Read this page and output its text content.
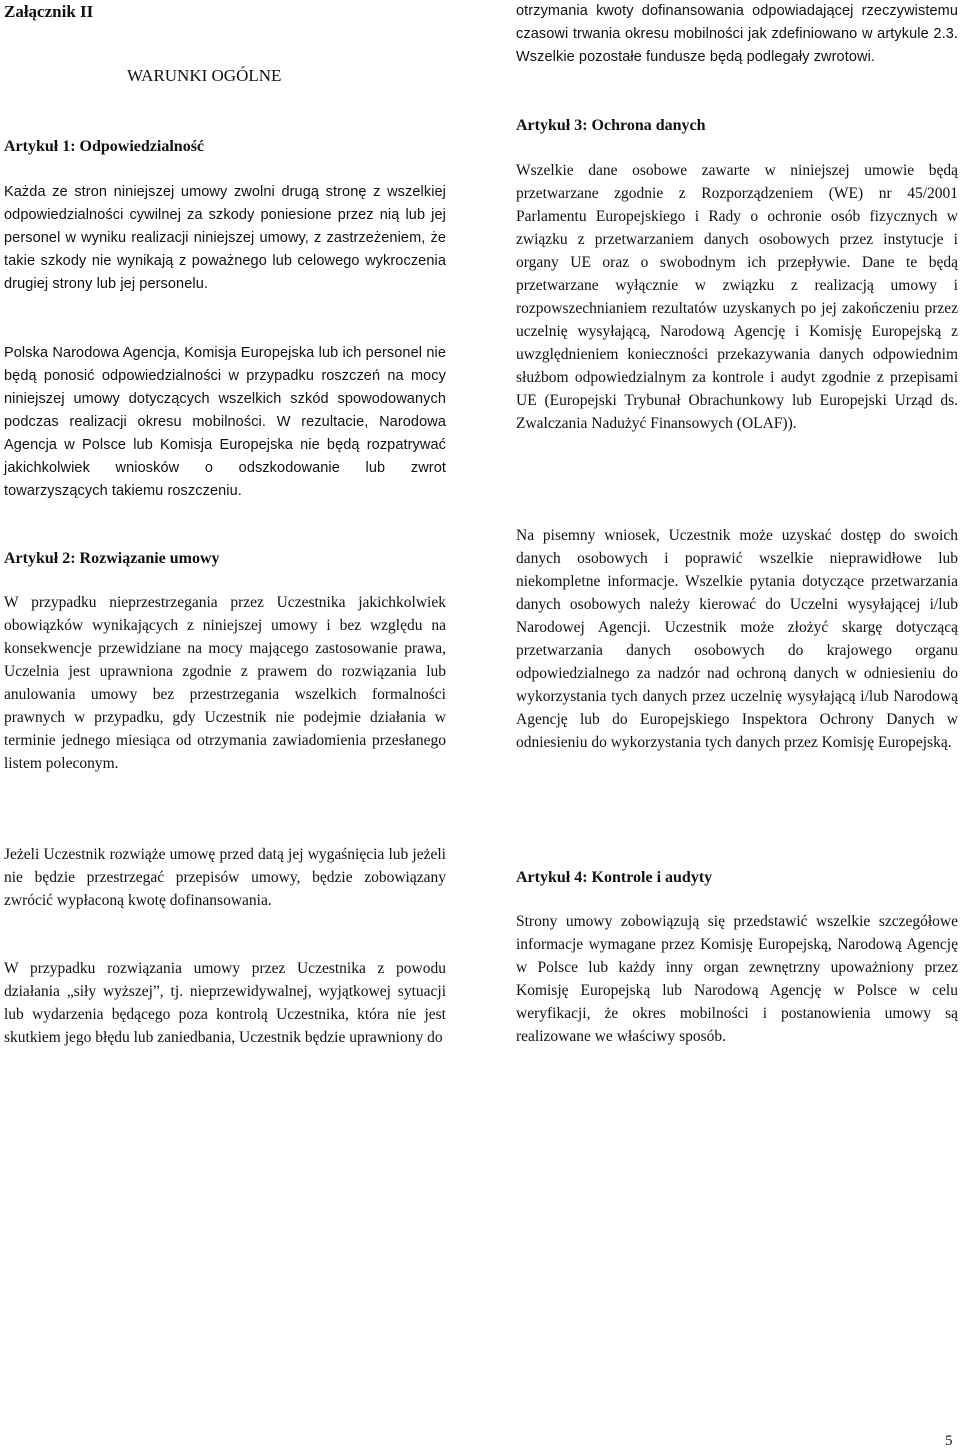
Załącznik II
WARUNKI OGÓLNE
Artykuł 1: Odpowiedzialność

Każda ze stron niniejszej umowy zwolni drugą stronę z wszelkiej odpowiedzialności cywilnej za szkody poniesione przez nią lub jej personel w wyniku realizacji niniejszej umowy, z zastrzeżeniem, że takie szkody nie wynikają z poważnego lub celowego wykroczenia drugiej strony lub jej personelu.

Polska Narodowa Agencja, Komisja Europejska lub ich personel nie będą ponosić odpowiedzialności w przypadku roszczeń na mocy niniejszej umowy dotyczących wszelkich szkód spowodowanych podczas realizacji okresu mobilności. W rezultacie, Narodowa Agencja w Polsce lub Komisja Europejska nie będą rozpatrywać jakichkolwiek wniosków o odszkodowanie lub zwrot towarzyszących takiemu roszczeniu.

Artykuł 2: Rozwiązanie umowy

W przypadku nieprzestrzegania przez Uczestnika jakichkolwiek obowiązków wynikających z niniejszej umowy i bez względu na konsekwencje przewidziane na mocy mającego zastosowanie prawa, Uczelnia jest uprawniona zgodnie z prawem do rozwiązania lub anulowania umowy bez przestrzegania wszelkich formalności prawnych w przypadku, gdy Uczestnik nie podejmie działania w terminie jednego miesiąca od otrzymania zawiadomienia przesłanego listem poleconym.

Jeżeli Uczestnik rozwiąże umowę przed datą jej wygaśnięcia lub jeżeli nie będzie przestrzegać przepisów umowy, będzie zobowiązany zwrócić wypłaconą kwotę dofinansowania.

W przypadku rozwiązania umowy przez Uczestnika z powodu działania „siły wyższej”, tj. nieprzewidywalnej, wyjątkowej sytuacji lub wydarzenia będącego poza kontrolą Uczestnika, która nie jest skutkiem jego błędu lub zaniedbania, Uczestnik będzie uprawniony do

otrzymania kwoty dofinansowania odpowiadającej rzeczywistemu czasowi trwania okresu mobilności jak zdefiniowano w artykule 2.3. Wszelkie pozostałe fundusze będą podlegały zwrotowi.

Artykuł 3: Ochrona danych

Wszelkie dane osobowe zawarte w niniejszej umowie będą przetwarzane zgodnie z Rozporządzeniem (WE) nr 45/2001 Parlamentu Europejskiego i Rady o ochronie osób fizycznych w związku z przetwarzaniem danych osobowych przez instytucje i organy UE oraz o swobodnym ich przepływie. Dane te będą przetwarzane wyłącznie w związku z realizacją umowy i rozpowszechnianiem rezultatów uzyskanych po jej zakończeniu przez uczelnię wysyłającą, Narodową Agencję i Komisję Europejską z uwzględnieniem konieczności przekazywania danych odpowiednim służbom odpowiedzialnym za kontrole i audyt zgodnie z przepisami UE (Europejski Trybunał Obrachunkowy lub Europejski Urząd ds. Zwalczania Nadużyć Finansowych (OLAF)).

Na pisemny wniosek, Uczestnik może uzyskać dostęp do swoich danych osobowych i poprawić wszelkie nieprawidłowe lub niekompletne informacje. Wszelkie pytania dotyczące przetwarzania danych osobowych należy kierować do Uczelni wysyłającej i/lub Narodowej Agencji. Uczestnik może złożyć skargę dotyczącą przetwarzania danych osobowych do krajowego organu odpowiedzialnego za nadzór nad ochroną danych w odniesieniu do wykorzystania tych danych przez uczelnię wysyłającą i/lub Narodową Agencję lub do Europejskiego Inspektora Ochrony Danych w odniesieniu do wykorzystania tych danych przez Komisję Europejską.

Artykuł 4: Kontrole i audyty

Strony umowy zobowiązują się przedstawić wszelkie szczegółowe informacje wymagane przez Komisję Europejską, Narodową Agencję w Polsce lub każdy inny organ zewnętrzny upoważniony przez Komisję Europejską lub Narodową Agencję w Polsce w celu weryfikacji, że okres mobilności i postanowienia umowy są realizowane we właściwy sposób.

5
